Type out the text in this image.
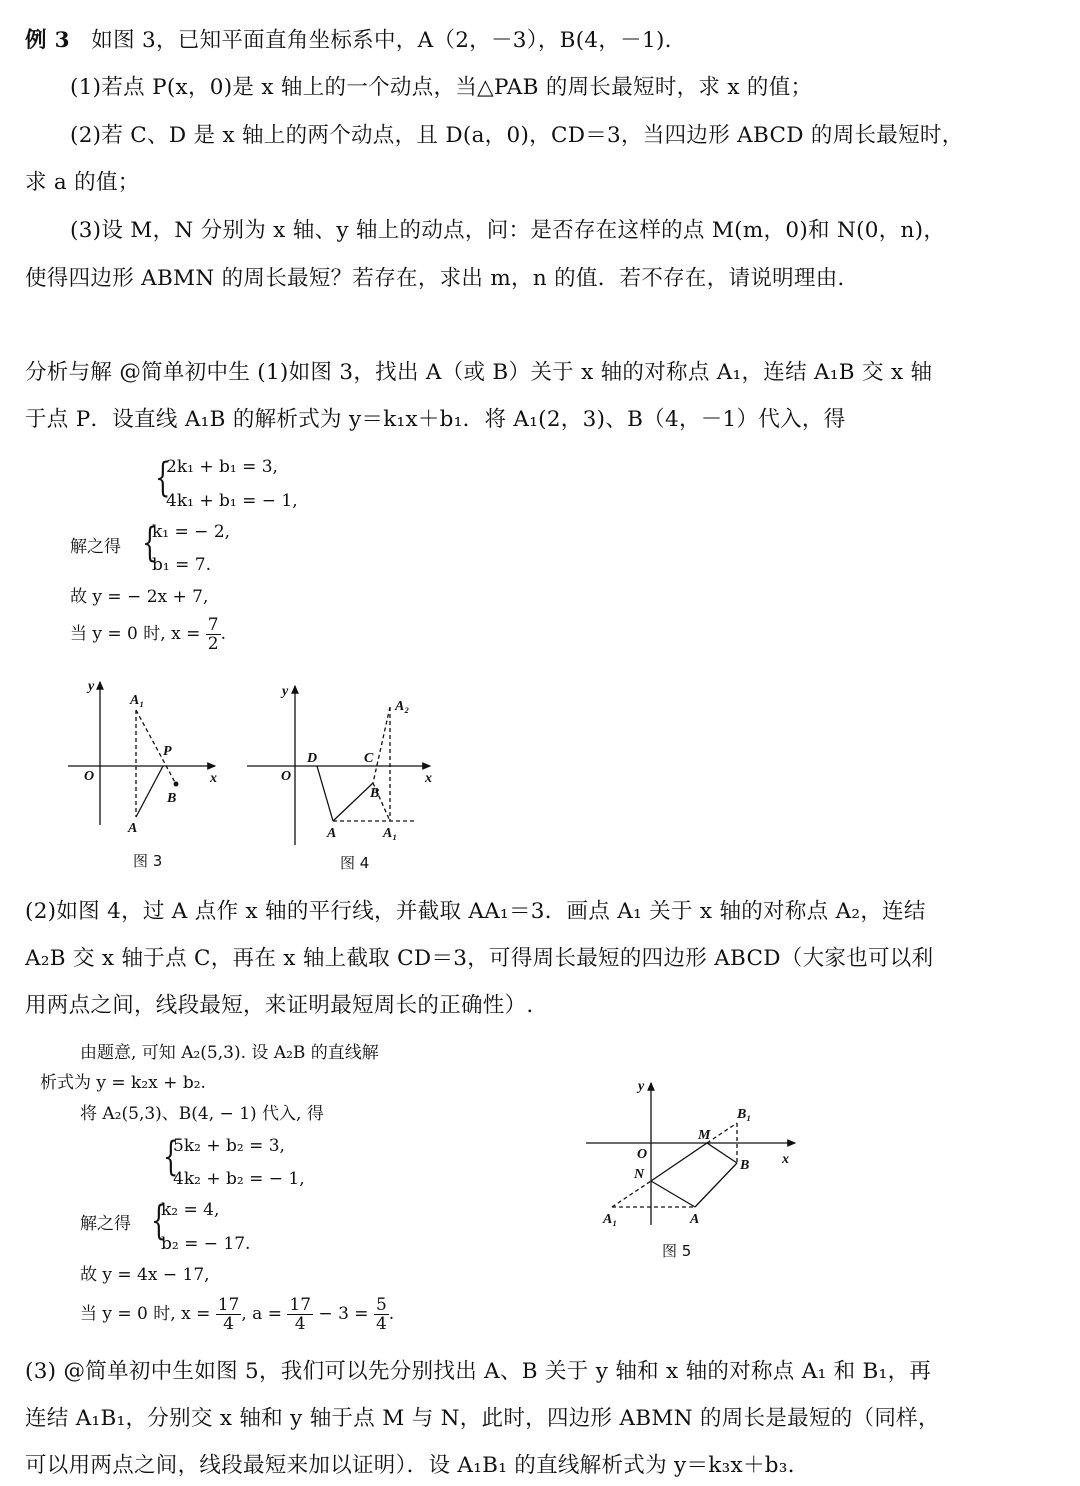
例 3 如图 3，已知平面直角坐标系中，A（2，－3），B(4，－1).
(1)若点 P(x，0)是 x 轴上的一个动点，当△PAB 的周长最短时，求 x 的值；
(2)若 C、D 是 x 轴上的两个动点，且 D(a，0)，CD＝3，当四边形 ABCD 的周长最短时，
求 a 的值；
(3)设 M，N 分别为 x 轴、y 轴上的动点，问：是否存在这样的点 M(m，0)和 N(0，n)，
使得四边形 ABMN 的周长最短？若存在，求出 m，n 的值．若不存在，请说明理由．
分析与解 @简单初中生 (1)如图 3，找出 A（或 B）关于 x 轴的对称点 A₁，连结 A₁B 交 x 轴
于点 P．设直线 A₁B 的解析式为 y＝k₁x＋b₁．将 A₁(2，3)、B（4，－1）代入，得
{
2k₁ + b₁ = 3,
4k₁ + b₁ = − 1,
解之得 {
k₁ = − 2,
b₁ = 7.
故 y = − 2x + 7,
当 y = 0 时, $x = \frac{7}{2}$ .
(2)如图 4，过 A 点作 x 轴的平行线，并截取 AA₁＝3．画点 A₁ 关于 x 轴的对称点 A₂，连结
A₂B 交 x 轴于点 C，再在 x 轴上截取 CD＝3，可得周长最短的四边形 ABCD（大家也可以利
用两点之间，线段最短，来证明最短周长的正确性）.
由题意, 可知 A₂(5,3). 设 A₂B 的直线解
析式为 y = k₂x + b₂.
将 A₂(5,3)、B(4, − 1) 代入, 得
{
5k₂ + b₂ = 3,
4k₂ + b₂ = − 1,
解之得 {
k₂ = 4,
b₂ = − 17.
故 y = 4x − 17,
当 y = 0 时, $x = \frac{17}{4}$ , $a = \frac{17}{4} - 3 = \frac{5}{4}$ .
(3) @简单初中生如图 5，我们可以先分别找出 A、B 关于 y 轴和 x 轴的对称点 A₁ 和 B₁，再
连结 A₁B₁，分别交 x 轴和 y 轴于点 M 与 N，此时，四边形 ABMN 的周长是最短的（同样，
可以用两点之间，线段最短来加以证明）．设 A₁B₁ 的直线解析式为 y＝k₃x＋b₃．
y
x
O
A₁
P
B
A
图 3
y
x
O
D	C
B
A	A₁
A₂
图 4
y
x
O
M
N
B
B₁
A
A₁
图 5
